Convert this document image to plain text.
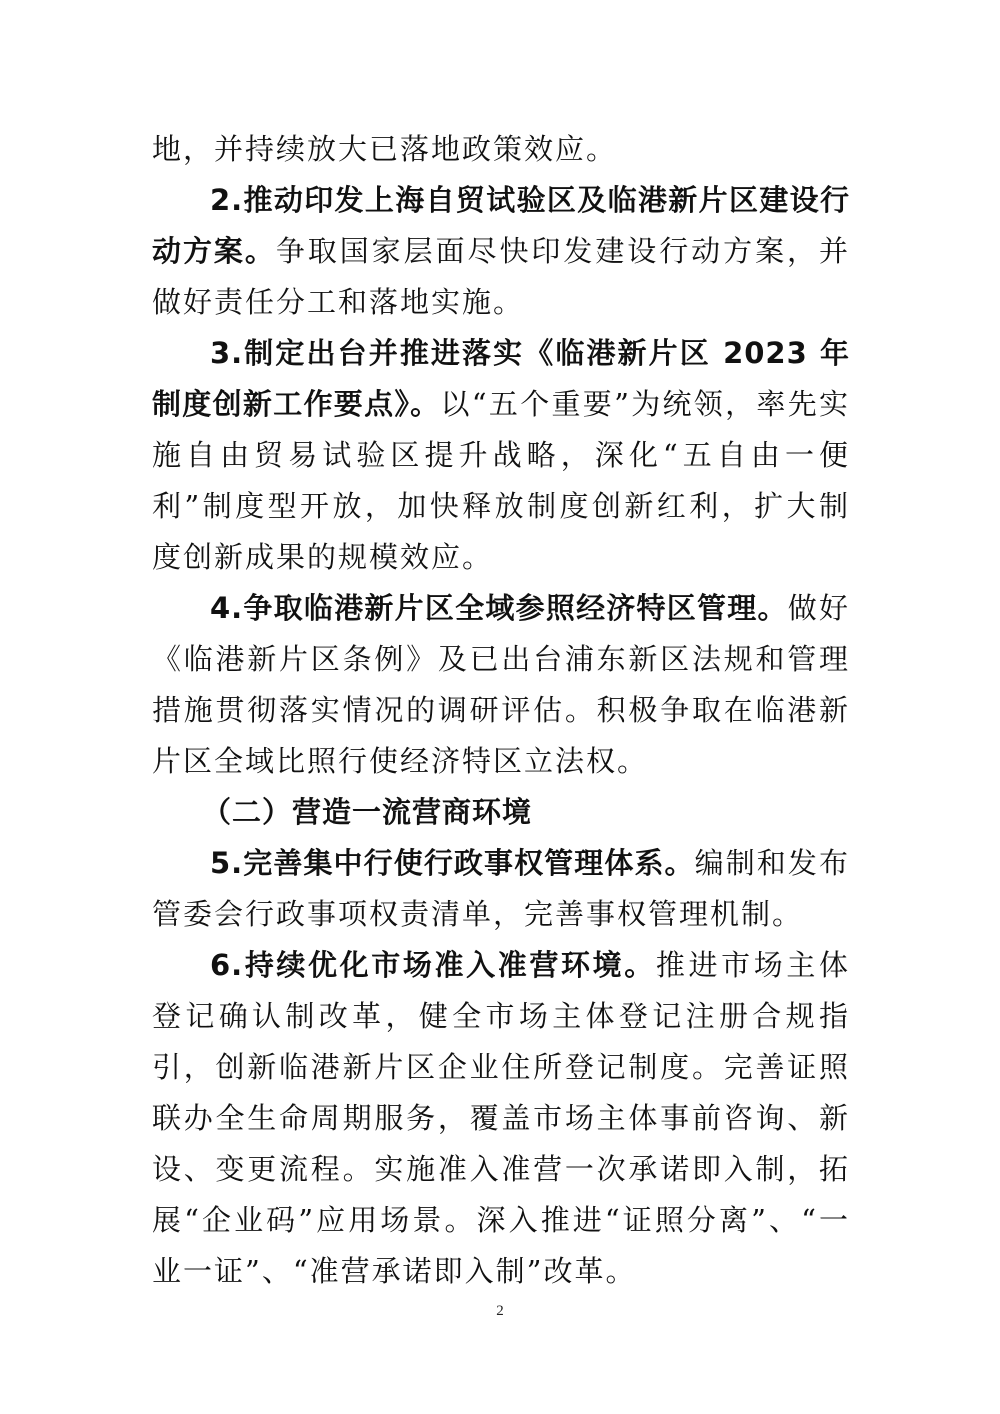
地，并持续放大已落地政策效应。

2.推动印发上海自贸试验区及临港新片区建设行动方案。争取国家层面尽快印发建设行动方案，并做好责任分工和落地实施。

3.制定出台并推进落实《临港新片区 2023 年制度创新工作要点》。以“五个重要”为统领，率先实施自由贸易试验区提升战略，深化“五自由一便利”制度型开放，加快释放制度创新红利，扩大制度创新成果的规模效应。

4.争取临港新片区全域参照经济特区管理。做好《临港新片区条例》及已出台浦东新区法规和管理措施贯彻落实情况的调研评估。积极争取在临港新片区全域比照行使经济特区立法权。

（二）营造一流营商环境

5.完善集中行使行政事权管理体系。编制和发布管委会行政事项权责清单，完善事权管理机制。

6.持续优化市场准入准营环境。推进市场主体登记确认制改革，健全市场主体登记注册合规指引，创新临港新片区企业住所登记制度。完善证照联办全生命周期服务，覆盖市场主体事前咨询、新设、变更流程。实施准入准营一次承诺即入制，拓展“企业码”应用场景。深入推进“证照分离”、“一业一证”、“准营承诺即入制”改革。

2
